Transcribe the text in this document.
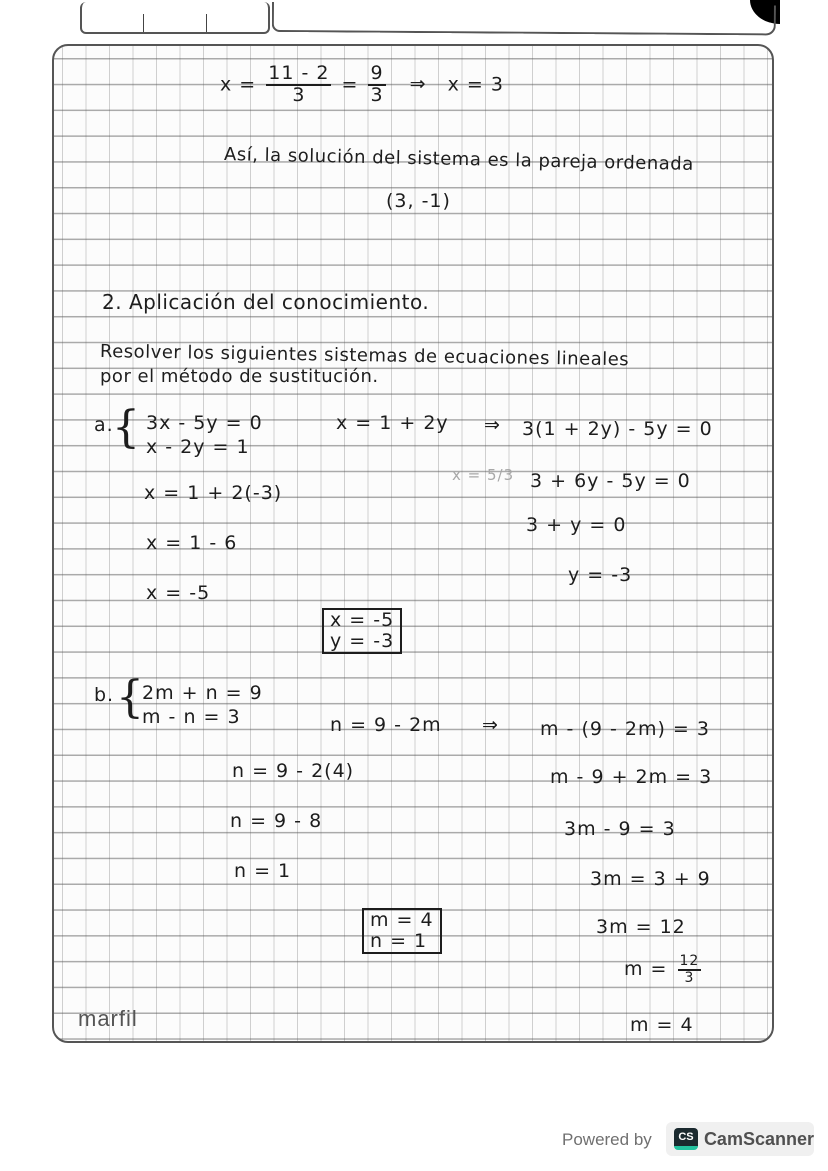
$x = \frac{11 - 2}{3} = \frac{9}{3}$ ⇒ x = 3
Así, la solución del sistema es la pareja ordenada
(3, -1)
2. Aplicación del conocimiento.
Resolver los siguientes sistemas de ecuaciones lineales
por el método de sustitución.
a.
{ 3x - 5y = 0
x - 2y = 1
x = 1 + 2y ⇒ 3(1 + 2y) - 5y = 0
x = 5/3 3 + 6y - 5y = 0
3 + y = 0
y = -3
x = 1 + 2(-3)
x = 1 - 6
x = -5
x = -5
y = -3
b. {
2m + n = 9
m - n = 3	n = 9 - 2m ⇒ m - (9 - 2m) = 3
m - 9 + 2m = 3
3m - 9 = 3
3m = 3 + 9
3m = 12
$m = \frac{12}{3}$
m = 4
n = 9 - 2(4)
n = 9 - 8
n = 1
m = 4
n = 1
marfil
Powered by	CS CamScanner
